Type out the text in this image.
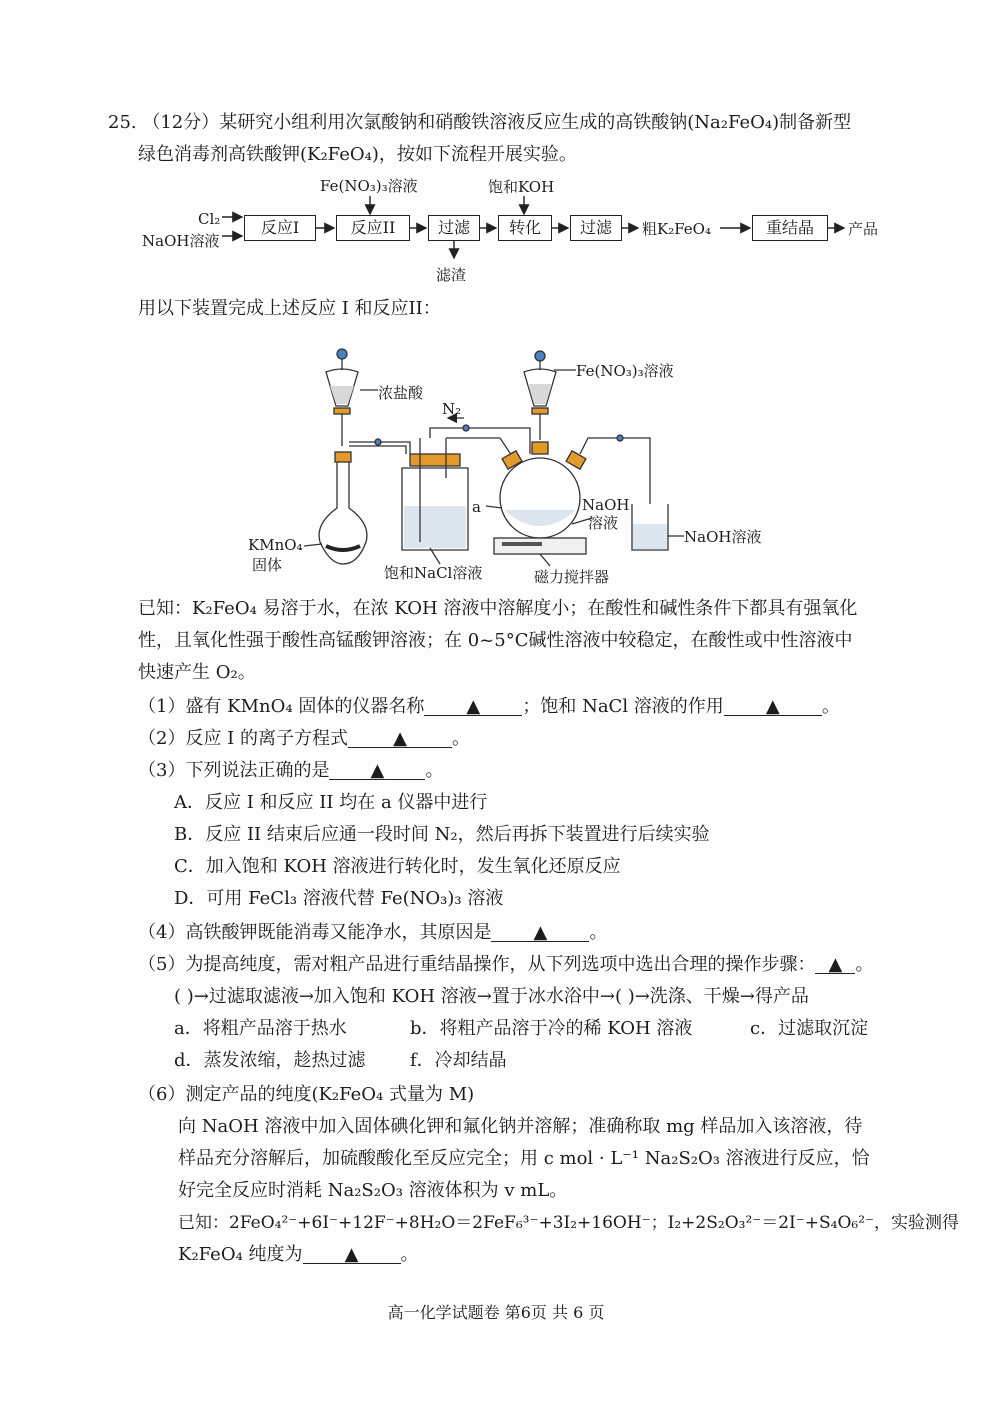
25. （12分）某研究小组利用次氯酸钠和硝酸铁溶液反应生成的高铁酸钠(Na₂FeO₄)制备新型
绿色消毒剂高铁酸钾(K₂FeO₄)，按如下流程开展实验。
Cl₂
NaOH溶液
反应I
Fe(NO₃)₃溶液
反应II	过滤
滤渣
饱和KOH
转化	过滤	粗K₂FeO₄	重结晶	产品
用以下装置完成上述反应 I 和反应II：
浓盐酸
N₂
Fe(NO₃)₃溶液
KMnO₄
固体	饱和NaCl溶液
a	NaOH
溶液
NaOH溶液
磁力搅拌器
已知：K₂FeO₄ 易溶于水，在浓 KOH 溶液中溶解度小；在酸性和碱性条件下都具有强氧化
性，且氧化性强于酸性高锰酸钾溶液；在 0~5°C碱性溶液中较稳定，在酸性或中性溶液中
快速产生 O₂。
（1）盛有 KMnO₄ 固体的仪器名称 ▲ ；饱和 NaCl 溶液的作用 ▲ 。
（2）反应 I 的离子方程式	▲	。
（3）下列说法正确的是 ▲ 。
A．反应 I 和反应 II 均在 a 仪器中进行
B．反应 II 结束后应通一段时间 N₂，然后再拆下装置进行后续实验
C．加入饱和 KOH 溶液进行转化时，发生氧化还原反应
D．可用 FeCl₃ 溶液代替 Fe(NO₃)₃ 溶液
（4）高铁酸钾既能消毒又能净水，其原因是 ▲ 。
（5）为提高纯度，需对粗产品进行重结晶操作，从下列选项中选出合理的操作步骤： ▲ 。
( )→过滤取滤液→加入饱和 KOH 溶液→置于冰水浴中→( )→洗涤、干燥→得产品
a．将粗产品溶于热水	b．将粗产品溶于冷的稀 KOH 溶液	c．过滤取沉淀
d．蒸发浓缩，趁热过滤 f．冷却结晶
（6）测定产品的纯度(K₂FeO₄ 式量为 M)
向 NaOH 溶液中加入固体碘化钾和氟化钠并溶解；准确称取 mg 样品加入该溶液，待
样品充分溶解后，加硫酸酸化至反应完全；用 c mol · L⁻¹ Na₂S₂O₃ 溶液进行反应，恰
好完全反应时消耗 Na₂S₂O₃ 溶液体积为 v mL。
已知：2FeO₄²⁻+6I⁻+12F⁻+8H₂O＝2FeF₆³⁻+3I₂+16OH⁻；I₂+2S₂O₃²⁻＝2I⁻+S₄O₆²⁻，实验测得
K₂FeO₄ 纯度为 ▲ 。
高一化学试题卷 第6页 共 6 页
